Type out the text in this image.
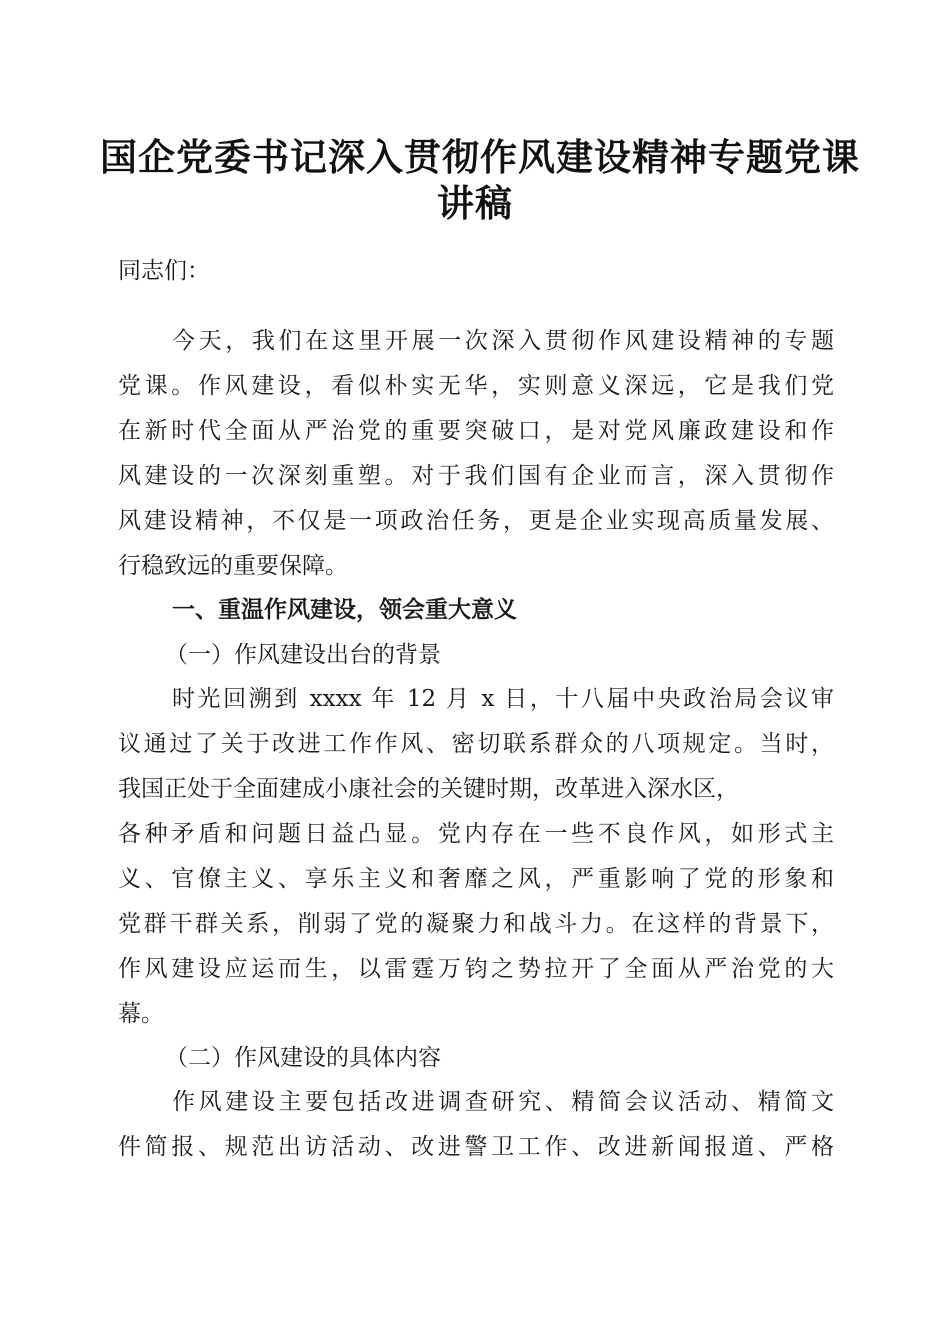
国企党委书记深入贯彻作风建设精神专题党课
讲稿
同志们：
今天，我们在这里开展一次深入贯彻作风建设精神的专题
党课。作风建设，看似朴实无华，实则意义深远，它是我们党
在新时代全面从严治党的重要突破口，是对党风廉政建设和作
风建设的一次深刻重塑。对于我们国有企业而言，深入贯彻作
风建设精神，不仅是一项政治任务，更是企业实现高质量发展、
行稳致远的重要保障。
一、重温作风建设，领会重大意义
（一）作风建设出台的背景
时光回溯到 xxxx 年 12 月 x 日，十八届中央政治局会议审
议通过了关于改进工作作风、密切联系群众的八项规定。当时，
我国正处于全面建成小康社会的关键时期，改革进入深水区，
各种矛盾和问题日益凸显。党内存在一些不良作风，如形式主
义、官僚主义、享乐主义和奢靡之风，严重影响了党的形象和
党群干群关系，削弱了党的凝聚力和战斗力。在这样的背景下，
作风建设应运而生，以雷霆万钧之势拉开了全面从严治党的大
幕。
（二）作风建设的具体内容
作风建设主要包括改进调查研究、精简会议活动、精简文
件简报、规范出访活动、改进警卫工作、改进新闻报道、严格
